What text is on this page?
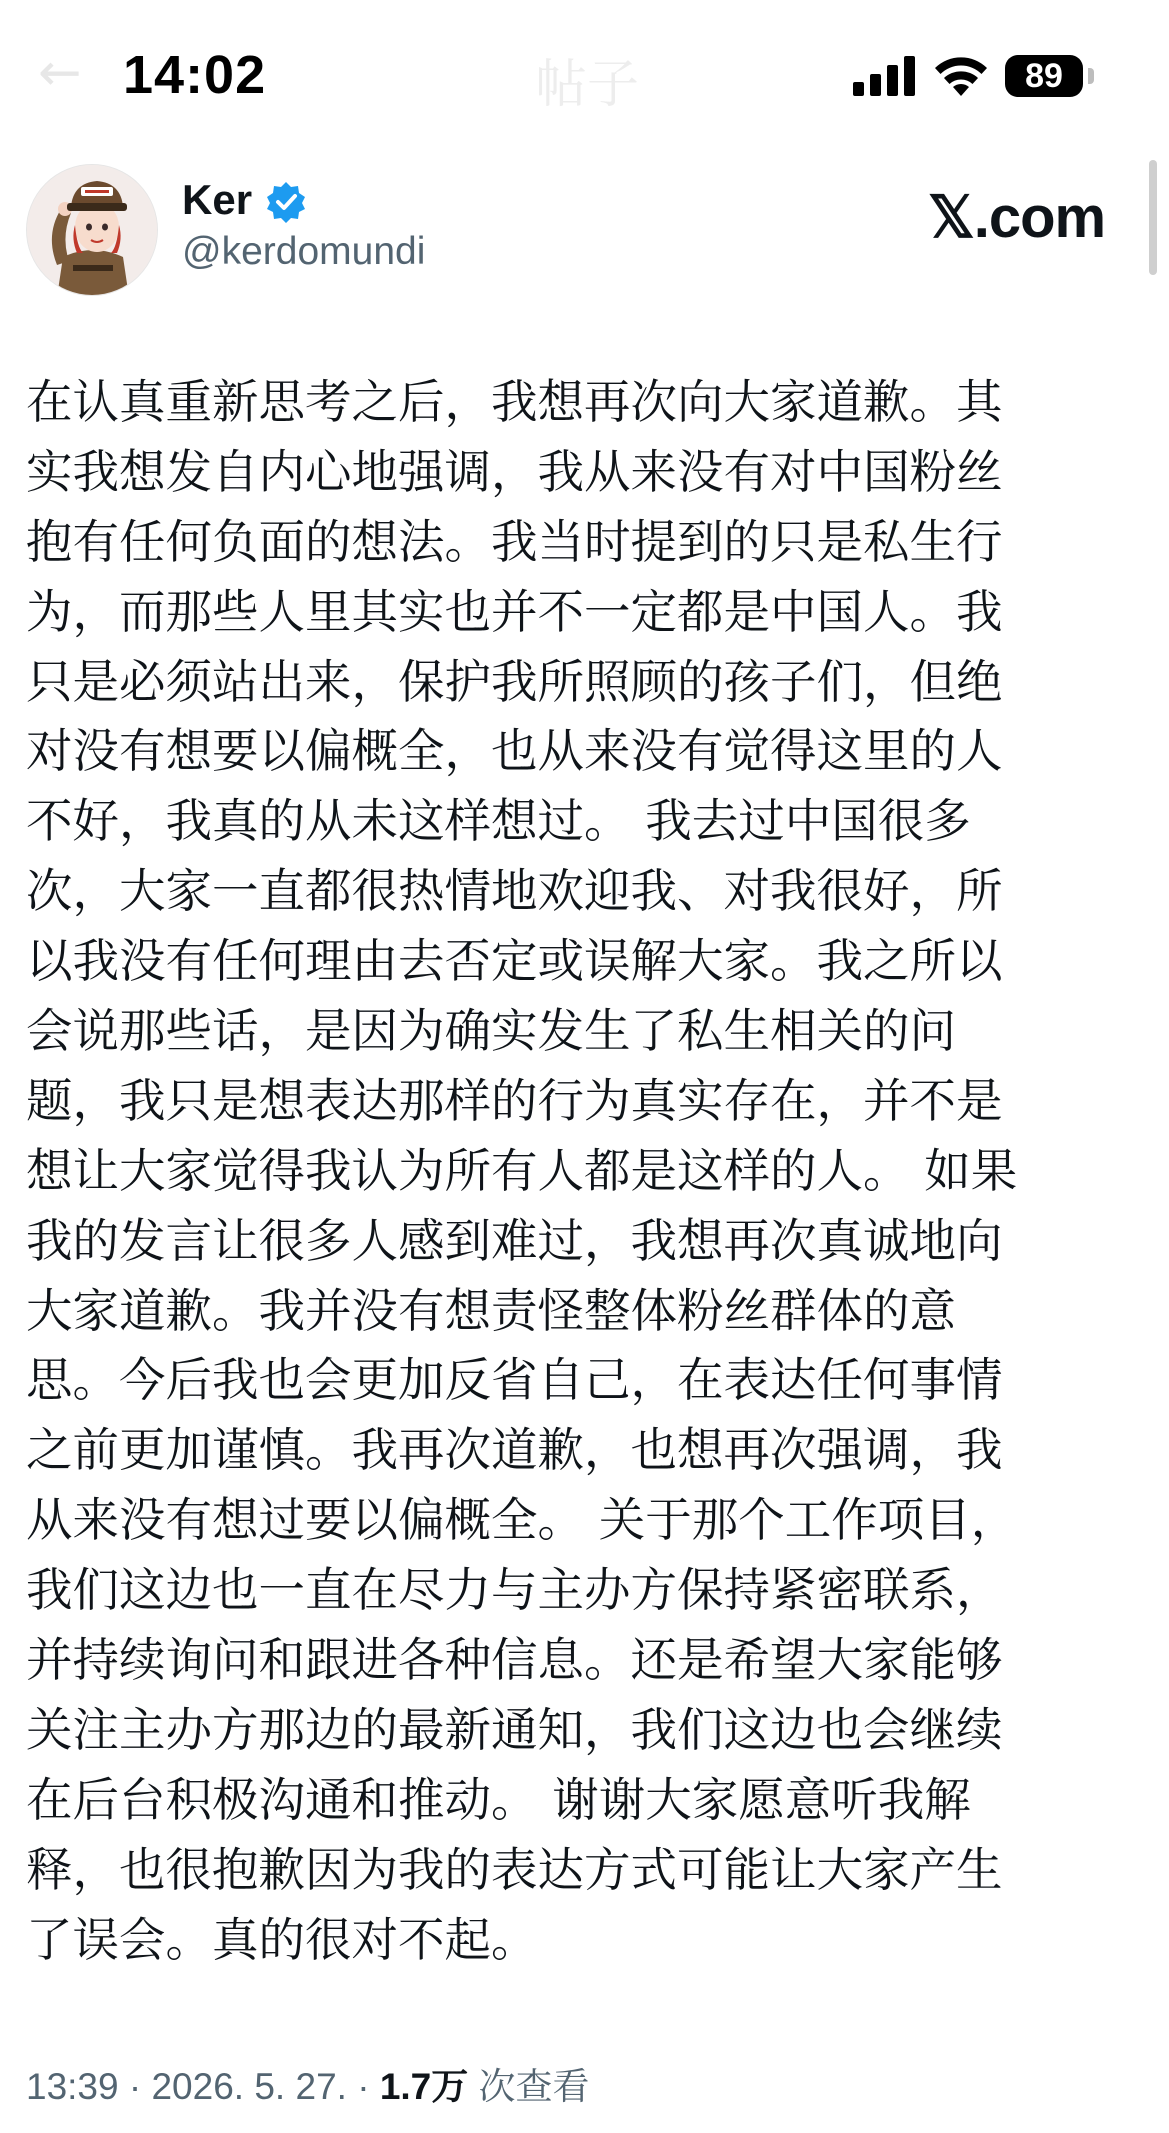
←	帖子
14:02	89
Ker
@kerdomundi
𝕏.com
在认真重新思考之后，我想再次向大家道歉。其
实我想发自内心地强调，我从来没有对中国粉丝
抱有任何负面的想法。我当时提到的只是私生行
为，而那些人里其实也并不一定都是中国人。我
只是必须站出来，保护我所照顾的孩子们，但绝
对没有想要以偏概全，也从来没有觉得这里的人
不好，我真的从未这样想过。 我去过中国很多
次，大家一直都很热情地欢迎我、对我很好，所
以我没有任何理由去否定或误解大家。我之所以
会说那些话，是因为确实发生了私生相关的问
题，我只是想表达那样的行为真实存在，并不是
想让大家觉得我认为所有人都是这样的人。 如果
我的发言让很多人感到难过，我想再次真诚地向
大家道歉。我并没有想责怪整体粉丝群体的意
思。今后我也会更加反省自己，在表达任何事情
之前更加谨慎。我再次道歉，也想再次强调，我
从来没有想过要以偏概全。 关于那个工作项目，
我们这边也一直在尽力与主办方保持紧密联系，
并持续询问和跟进各种信息。还是希望大家能够
关注主办方那边的最新通知，我们这边也会继续
在后台积极沟通和推动。 谢谢大家愿意听我解
释，也很抱歉因为我的表达方式可能让大家产生
了误会。真的很对不起。
13:39 · 2026. 5. 27. · 1.7万 次查看
